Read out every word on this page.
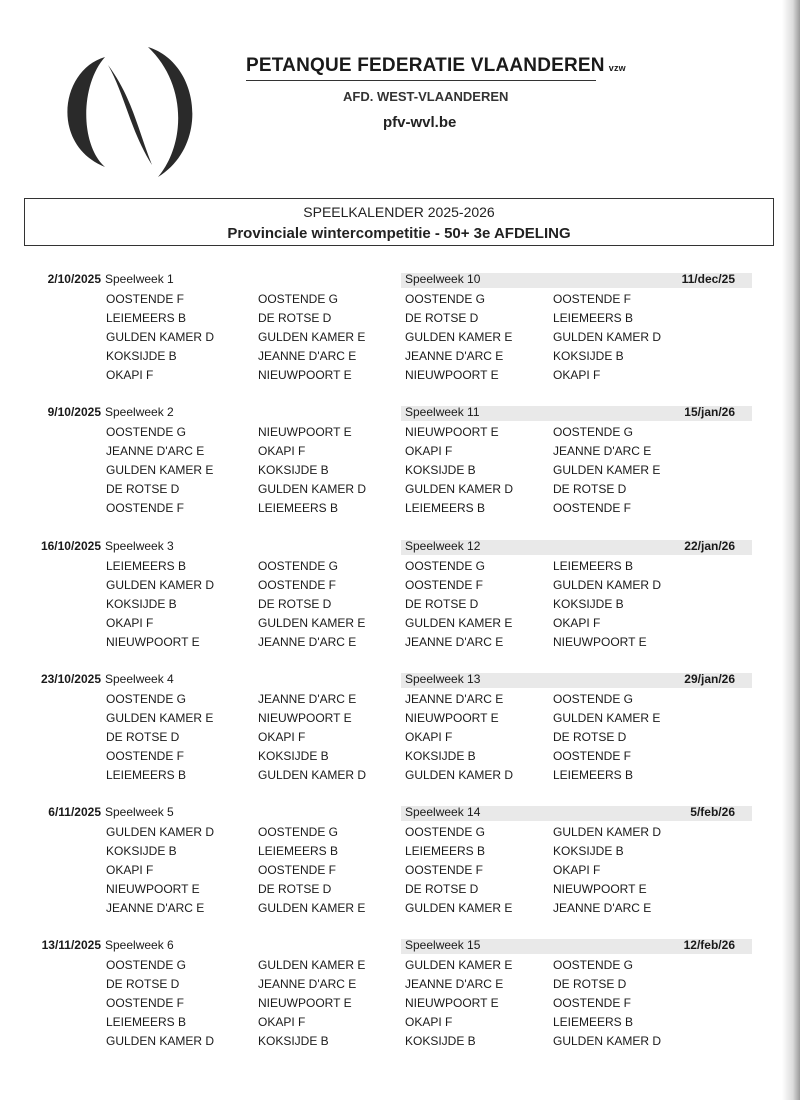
PETANQUE FEDERATIE VLAANDEREN vzw
AFD. WEST-VLAANDEREN
pfv-wvl.be
SPEELKALENDER 2025-2026
Provinciale wintercompetitie - 50+ 3e AFDELING
2/10/2025 Speelweek 1	Speelweek 10	11/dec/25
OOSTENDE F	OOSTENDE G	OOSTENDE G	OOSTENDE F
LEIEMEERS B	DE ROTSE D	DE ROTSE D	LEIEMEERS B
GULDEN KAMER D	GULDEN KAMER E	GULDEN KAMER E	GULDEN KAMER D
KOKSIJDE B	JEANNE D'ARC E	JEANNE D'ARC E	KOKSIJDE B
OKAPI F	NIEUWPOORT E	NIEUWPOORT E	OKAPI F
9/10/2025 Speelweek 2	Speelweek 11	15/jan/26
OOSTENDE G	NIEUWPOORT E	NIEUWPOORT E	OOSTENDE G
JEANNE D'ARC E	OKAPI F	OKAPI F	JEANNE D'ARC E
GULDEN KAMER E	KOKSIJDE B	KOKSIJDE B	GULDEN KAMER E
DE ROTSE D	GULDEN KAMER D	GULDEN KAMER D	DE ROTSE D
OOSTENDE F	LEIEMEERS B	LEIEMEERS B	OOSTENDE F
16/10/2025 Speelweek 3	Speelweek 12	22/jan/26
LEIEMEERS B	OOSTENDE G	OOSTENDE G	LEIEMEERS B
GULDEN KAMER D	OOSTENDE F	OOSTENDE F	GULDEN KAMER D
KOKSIJDE B	DE ROTSE D	DE ROTSE D	KOKSIJDE B
OKAPI F	GULDEN KAMER E	GULDEN KAMER E	OKAPI F
NIEUWPOORT E	JEANNE D'ARC E	JEANNE D'ARC E	NIEUWPOORT E
23/10/2025 Speelweek 4	Speelweek 13	29/jan/26
OOSTENDE G	JEANNE D'ARC E	JEANNE D'ARC E	OOSTENDE G
GULDEN KAMER E	NIEUWPOORT E	NIEUWPOORT E	GULDEN KAMER E
DE ROTSE D	OKAPI F	OKAPI F	DE ROTSE D
OOSTENDE F	KOKSIJDE B	KOKSIJDE B	OOSTENDE F
LEIEMEERS B	GULDEN KAMER D	GULDEN KAMER D	LEIEMEERS B
6/11/2025 Speelweek 5	Speelweek 14	5/feb/26
GULDEN KAMER D	OOSTENDE G	OOSTENDE G	GULDEN KAMER D
KOKSIJDE B	LEIEMEERS B	LEIEMEERS B	KOKSIJDE B
OKAPI F	OOSTENDE F	OOSTENDE F	OKAPI F
NIEUWPOORT E	DE ROTSE D	DE ROTSE D	NIEUWPOORT E
JEANNE D'ARC E	GULDEN KAMER E	GULDEN KAMER E	JEANNE D'ARC E
13/11/2025 Speelweek 6	Speelweek 15	12/feb/26
OOSTENDE G	GULDEN KAMER E	GULDEN KAMER E	OOSTENDE G
DE ROTSE D	JEANNE D'ARC E	JEANNE D'ARC E	DE ROTSE D
OOSTENDE F	NIEUWPOORT E	NIEUWPOORT E	OOSTENDE F
LEIEMEERS B	OKAPI F	OKAPI F	LEIEMEERS B
GULDEN KAMER D	KOKSIJDE B	KOKSIJDE B	GULDEN KAMER D
